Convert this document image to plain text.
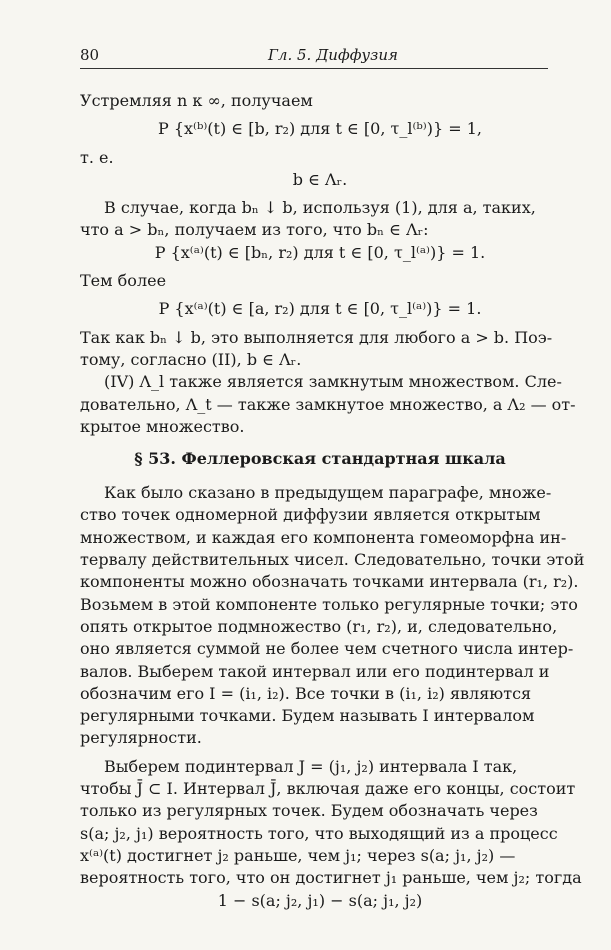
80	Гл. 5. Диффузия
Устремляя n к ∞, получаем
P {x⁽ᵇ⁾(t) ∈ [b, r₂) для t ∈ [0, τ_l⁽ᵇ⁾)} = 1,
т. е.
b ∈ Λᵣ.
В случае, когда bₙ ↓ b, используя (1), для a, таких,
что a > bₙ, получаем из того, что bₙ ∈ Λᵣ:
P {x⁽ᵃ⁾(t) ∈ [bₙ, r₂) для t ∈ [0, τ_l⁽ᵃ⁾)} = 1.
Тем более
P {x⁽ᵃ⁾(t) ∈ [a, r₂) для t ∈ [0, τ_l⁽ᵃ⁾)} = 1.
Так как bₙ ↓ b, это выполняется для любого a > b. Поэ-
тому, согласно (II), b ∈ Λᵣ.
(IV) Λ_l также является замкнутым множеством. Сле-
довательно, Λ_t — также замкнутое множество, а Λ₂ — от-
крытое множество.
§ 53. Феллеровская стандартная шкала
Как было сказано в предыдущем параграфе, множе-
ство точек одномерной диффузии является открытым
множеством, и каждая его компонента гомеоморфна ин-
тервалу действительных чисел. Следовательно, точки этой
компоненты можно обозначать точками интервала (r₁, r₂).
Возьмем в этой компоненте только регулярные точки; это
опять открытое подмножество (r₁, r₂), и, следовательно,
оно является суммой не более чем счетного числа интер-
валов. Выберем такой интервал или его подинтервал и
обозначим его I = (i₁, i₂). Все точки в (i₁, i₂) являются
регулярными точками. Будем называть I интервалом
регулярности.
Выберем подинтервал J = (j₁, j₂) интервала I так,
чтобы J̄ ⊂ I. Интервал J̄, включая даже его концы, состоит
только из регулярных точек. Будем обозначать через
s(a; j₂, j₁) вероятность того, что выходящий из a процесс
x⁽ᵃ⁾(t) достигнет j₂ раньше, чем j₁; через s(a; j₁, j₂) —
вероятность того, что он достигнет j₁ раньше, чем j₂; тогда
1 − s(a; j₂, j₁) − s(a; j₁, j₂)
